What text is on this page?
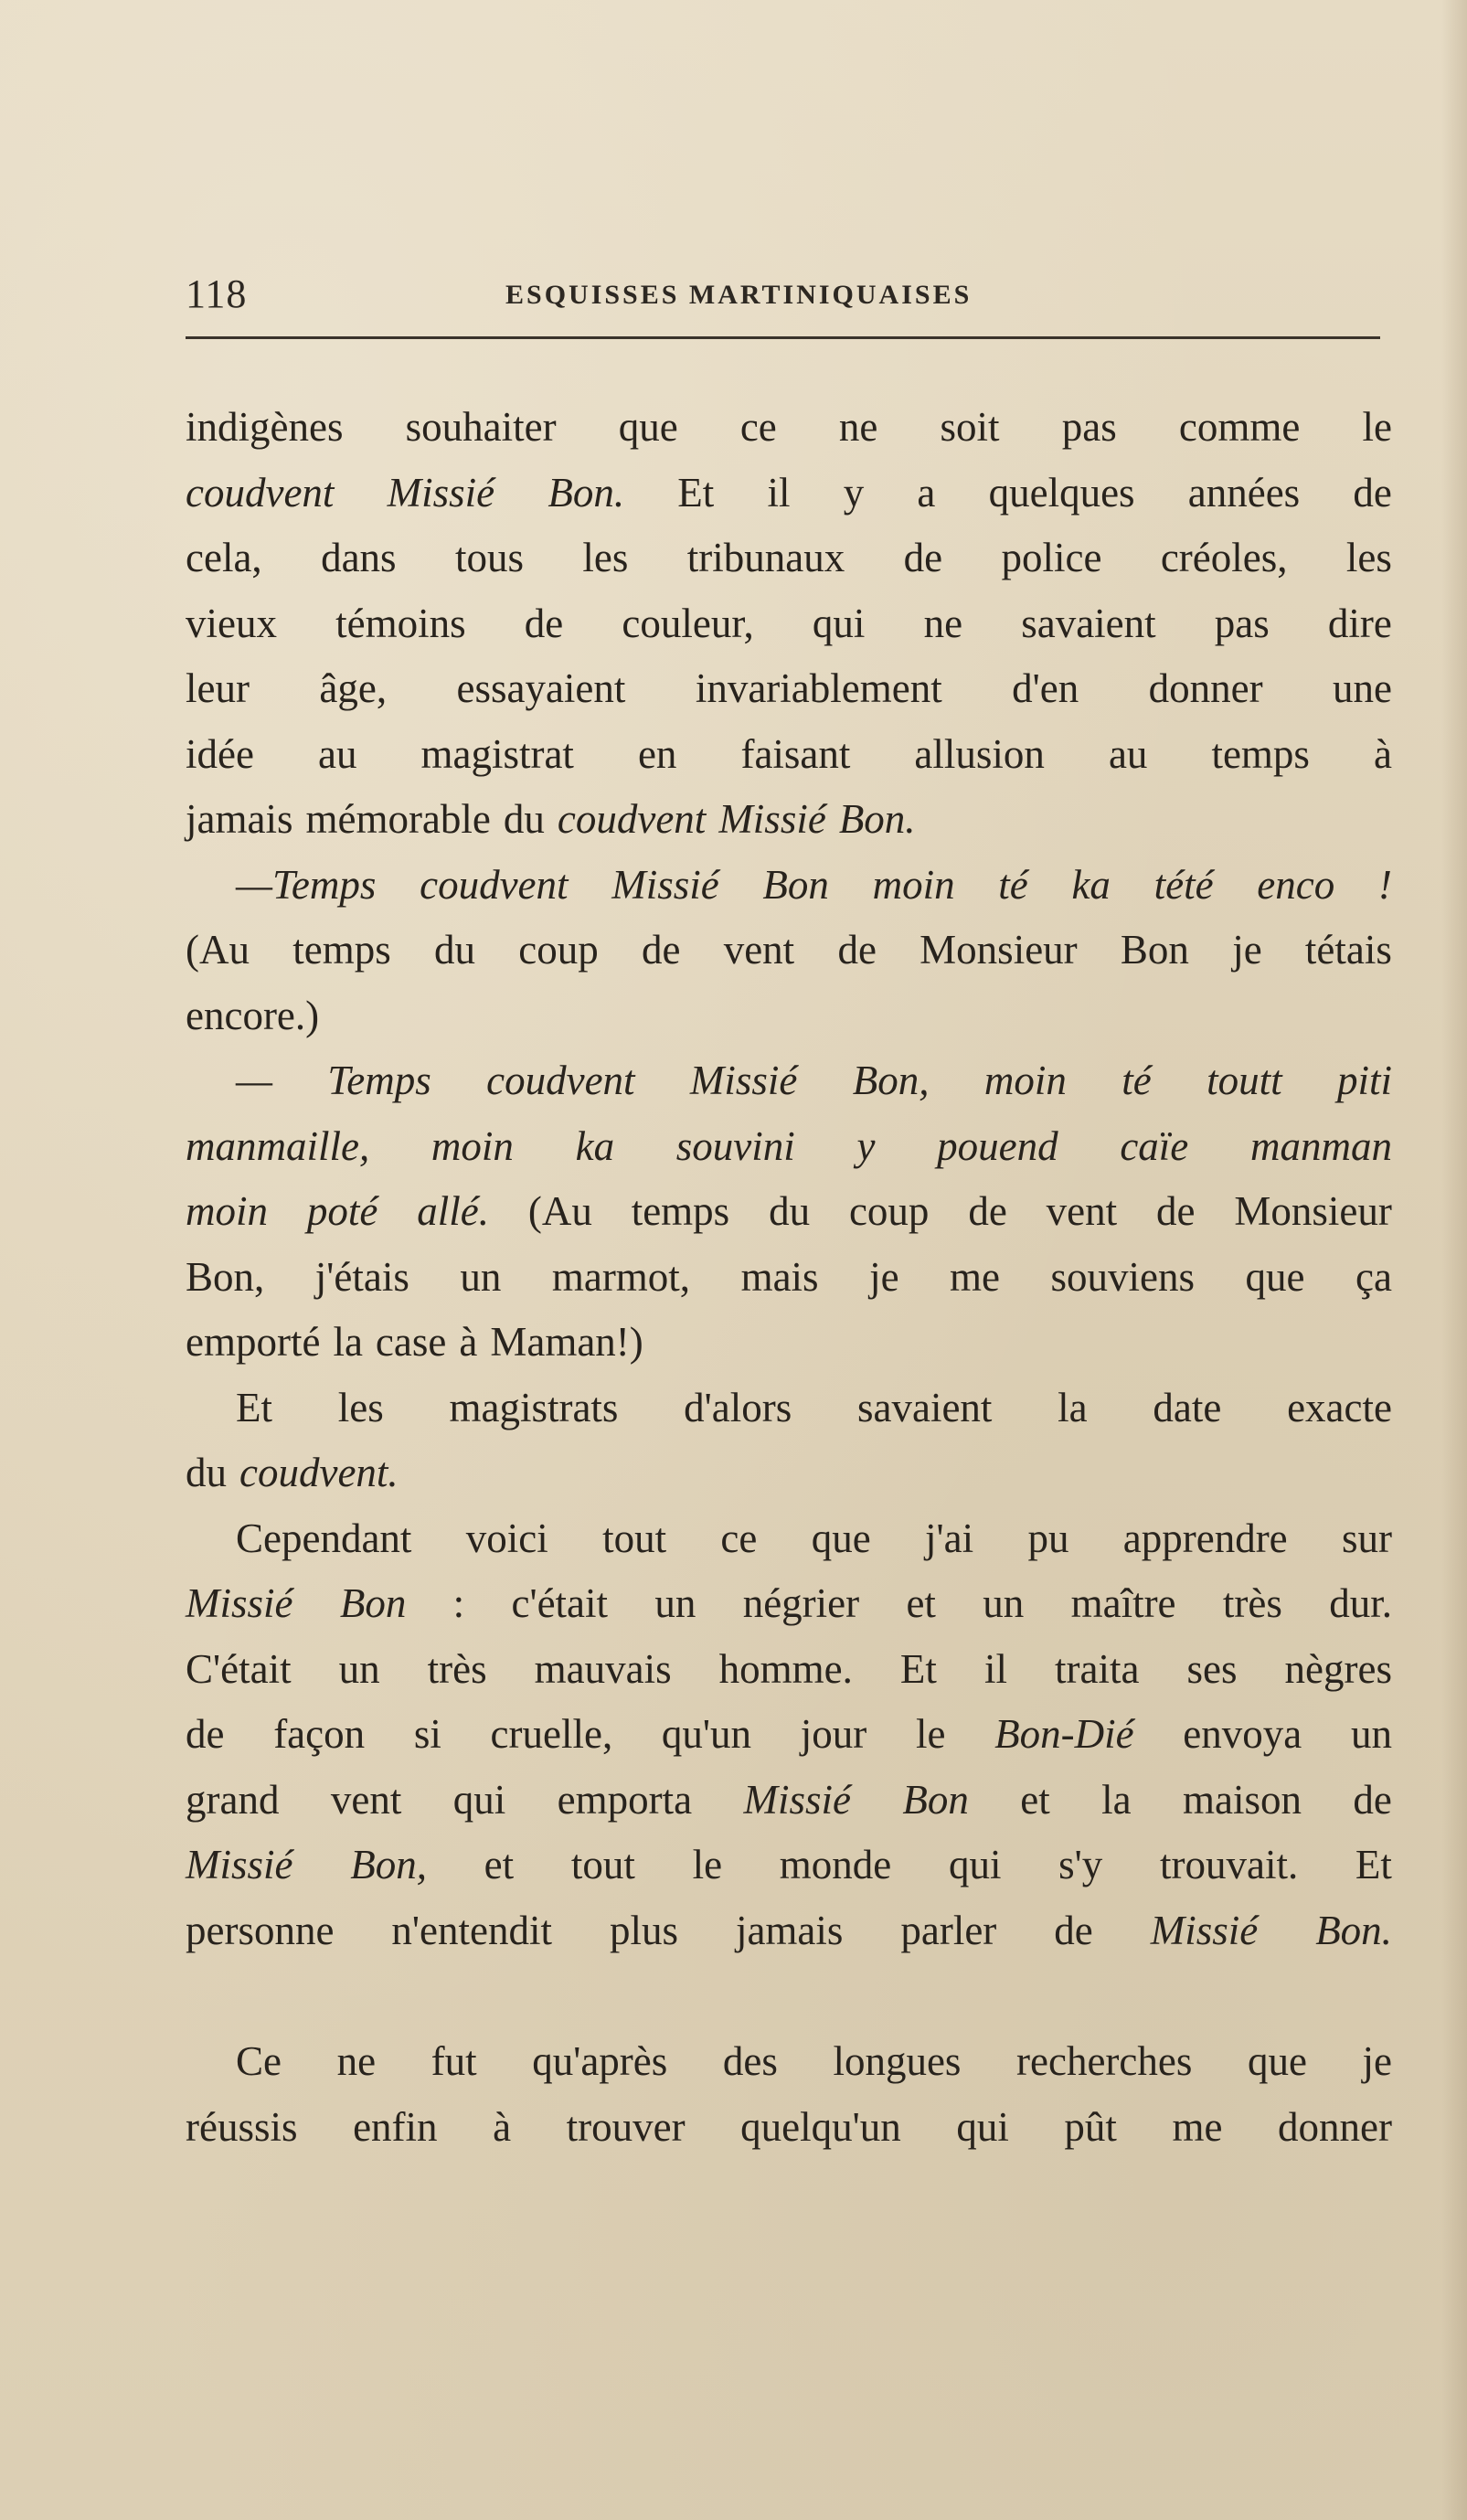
118	ESQUISSES MARTINIQUAISES
indigènes souhaiter que ce ne soit pas comme le
coudvent Missié Bon. Et il y a quelques années de
cela, dans tous les tribunaux de police créoles, les
vieux témoins de couleur, qui ne savaient pas dire
leur âge, essayaient invariablement d'en donner une
idée au magistrat en faisant allusion au temps à
jamais mémorable du coudvent Missié Bon.
—Temps coudvent Missié Bon moin té ka tété enco !
(Au temps du coup de vent de Monsieur Bon je tétais
encore.)
— Temps coudvent Missié Bon, moin té toutt piti
manmaille, moin ka souvini y pouend caïe manman
moin poté allé. (Au temps du coup de vent de Monsieur
Bon, j'étais un marmot, mais je me souviens que ça
emporté la case à Maman!)
Et les magistrats d'alors savaient la date exacte
du coudvent.
Cependant voici tout ce que j'ai pu apprendre sur
Missié Bon : c'était un négrier et un maître très dur.
C'était un très mauvais homme. Et il traita ses nègres
de façon si cruelle, qu'un jour le Bon-Dié envoya un
grand vent qui emporta Missié Bon et la maison de
Missié Bon, et tout le monde qui s'y trouvait. Et
personne n'entendit plus jamais parler de Missié Bon.
Ce ne fut qu'après des longues recherches que je
réussis enfin à trouver quelqu'un qui pût me donner
